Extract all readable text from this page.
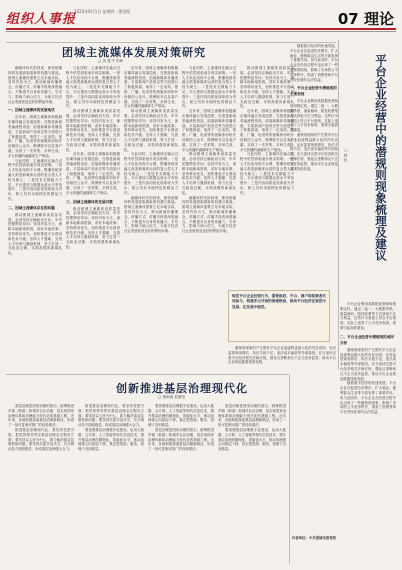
组织人事报
2023年6月1日 星期四 · 理论版	07 理论
团城主流媒体发展对策研究
□ 刘 强 牛冬梅

融媒体时代的到来，使传统媒体的发展面临着新的机遇与挑战。团城主流媒体需要立足本地实际，坚持内容为王，推动新闻传播理念、传播方式、传播手段的深度融合，不断提升自身的传播力、引导力、影响力和公信力，为地方经济社会发展营造良好的舆论环境。

一、团城主流媒体的发展现状

近年来，团城主流媒体积极顺应媒体融合发展趋势，在推进新闻采编流程再造、拓展新媒体传播渠道、丰富新闻产品形态等方面进行了积极探索，取得了一定成效。报纸、广播、电视等传统媒体纷纷开设微信公众号、微博账号以及客户端，实现了一次采集、多种生成、多元传播的融媒体生产格局。

与此同时，主流媒体在融合过程中依然面临诸多现实困难。一是人才队伍结构不合理，既懂传统采编又熟悉新媒体运营的复合型人才较为缺乏；二是技术支撑能力不足，平台建设与数据运营水平有待提升；三是内容同质化现象较为突出，缺乏具有本地特色的精品力作。

二、团城主流媒体存在的问题

推动团城主流媒体高质量发展，必须坚持正确政治方向，牢牢把握舆论导向；坚持内容为王，深耕本地新闻资源，讲好本地故事；坚持移动优先，加快推进平台建设和技术升级；坚持人才强媒，完善人才培养与激励机制，努力打造一支政治过硬、本领高强的新闻队伍。

与此同时，主流媒体在融合过程中依然面临诸多现实困难。一是人才队伍结构不合理，既懂传统采编又熟悉新媒体运营的复合型人才较为缺乏；二是技术支撑能力不足，平台建设与数据运营水平有待提升；三是内容同质化现象较为突出，缺乏具有本地特色的精品力作。

推动团城主流媒体高质量发展，必须坚持正确政治方向，牢牢把握舆论导向；坚持内容为王，深耕本地新闻资源，讲好本地故事；坚持移动优先，加快推进平台建设和技术升级；坚持人才强媒，完善人才培养与激励机制，努力打造一支政治过硬、本领高强的新闻队伍。

近年来，团城主流媒体积极顺应媒体融合发展趋势，在推进新闻采编流程再造、拓展新媒体传播渠道、丰富新闻产品形态等方面进行了积极探索，取得了一定成效。报纸、广播、电视等传统媒体纷纷开设微信公众号、微博账号以及客户端，实现了一次采集、多种生成、多元传播的融媒体生产格局。

三、团城主流媒体的发展对策

推动团城主流媒体高质量发展，必须坚持正确政治方向，牢牢把握舆论导向；坚持内容为王，深耕本地新闻资源，讲好本地故事；坚持移动优先，加快推进平台建设和技术升级；坚持人才强媒，完善人才培养与激励机制，努力打造一支政治过硬、本领高强的新闻队伍。

近年来，团城主流媒体积极顺应媒体融合发展趋势，在推进新闻采编流程再造、拓展新媒体传播渠道、丰富新闻产品形态等方面进行了积极探索，取得了一定成效。报纸、广播、电视等传统媒体纷纷开设微信公众号、微博账号以及客户端，实现了一次采集、多种生成、多元传播的融媒体生产格局。

推动团城主流媒体高质量发展，必须坚持正确政治方向，牢牢把握舆论导向；坚持内容为王，深耕本地新闻资源，讲好本地故事；坚持移动优先，加快推进平台建设和技术升级；坚持人才强媒，完善人才培养与激励机制，努力打造一支政治过硬、本领高强的新闻队伍。

与此同时，主流媒体在融合过程中依然面临诸多现实困难。一是人才队伍结构不合理，既懂传统采编又熟悉新媒体运营的复合型人才较为缺乏；二是技术支撑能力不足，平台建设与数据运营水平有待提升；三是内容同质化现象较为突出，缺乏具有本地特色的精品力作。

融媒体时代的到来，使传统媒体的发展面临着新的机遇与挑战。团城主流媒体需要立足本地实际，坚持内容为王，推动新闻传播理念、传播方式、传播手段的深度融合，不断提升自身的传播力、引导力、影响力和公信力，为地方经济社会发展营造良好的舆论环境。

与此同时，主流媒体在融合过程中依然面临诸多现实困难。一是人才队伍结构不合理，既懂传统采编又熟悉新媒体运营的复合型人才较为缺乏；二是技术支撑能力不足，平台建设与数据运营水平有待提升；三是内容同质化现象较为突出，缺乏具有本地特色的精品力作。

近年来，团城主流媒体积极顺应媒体融合发展趋势，在推进新闻采编流程再造、拓展新媒体传播渠道、丰富新闻产品形态等方面进行了积极探索，取得了一定成效。报纸、广播、电视等传统媒体纷纷开设微信公众号、微博账号以及客户端，实现了一次采集、多种生成、多元传播的融媒体生产格局。

推动团城主流媒体高质量发展，必须坚持正确政治方向，牢牢把握舆论导向；坚持内容为王，深耕本地新闻资源，讲好本地故事；坚持移动优先，加快推进平台建设和技术升级；坚持人才强媒，完善人才培养与激励机制，努力打造一支政治过硬、本领高强的新闻队伍。

融媒体时代的到来，使传统媒体的发展面临着新的机遇与挑战。团城主流媒体需要立足本地实际，坚持内容为王，推动新闻传播理念、传播方式、传播手段的深度融合，不断提升自身的传播力、引导力、影响力和公信力，为地方经济社会发展营造良好的舆论环境。

推动团城主流媒体高质量发展，必须坚持正确政治方向，牢牢把握舆论导向；坚持内容为王，深耕本地新闻资源，讲好本地故事；坚持移动优先，加快推进平台建设和技术升级；坚持人才强媒，完善人才培养与激励机制，努力打造一支政治过硬、本领高强的新闻队伍。

近年来，团城主流媒体积极顺应媒体融合发展趋势，在推进新闻采编流程再造、拓展新媒体传播渠道、丰富新闻产品形态等方面进行了积极探索，取得了一定成效。报纸、广播、电视等传统媒体纷纷开设微信公众号、微博账号以及客户端，实现了一次采集、多种生成、多元传播的融媒体生产格局。

与此同时，主流媒体在融合过程中依然面临诸多现实困难。一是人才队伍结构不合理，既懂传统采编又熟悉新媒体运营的复合型人才较为缺乏；二是技术支撑能力不足，平台建设与数据运营水平有待提升；三是内容同质化现象较为突出，缺乏具有本地特色的精品力作。

随着数字经济的快速发展，平台企业在促进经济增长、扩大就业、便利群众生活等方面发挥了重要作用。但与此同时，平台企业在经营过程中也出现了一些潜规则现象，影响了市场的公平竞争秩序，损害了消费者和平台内经营者的合法权益。

一、平台企业经营中潜规则的主要表现

平台企业利用其数据优势和规则制定权，通过二选一、大数据杀熟、流量倾斜、隐性收费等方式获取不正当利益，这些行为表面上符合平台规则，实际上违背了公平竞争原则，需要引起高度重视。

潜规则现象的产生既有平台企业追逐利益最大化的内在动因，也有监管规则滞后、执法手段不足、违法成本偏低等外部原因。应当加快完善平台经济相关法律法规，强化反垄断和反不正当竞争监管，推动平台企业规范健康持续发展。	平台企业经营中的潜规则现象梳理及建议
□ 杨 仪

平台企业利用其数据优势和规则制定权，通过二选一、大数据杀熟、流量倾斜、隐性收费等方式获取不正当利益，这些行为表面上符合平台规则，实际上违背了公平竞争原则，需要引起高度重视。

二、平台企业经营中潜规则的成因分析

潜规则现象的产生既有平台企业追逐利益最大化的内在动因，也有监管规则滞后、执法手段不足、违法成本偏低等外部原因。应当加快完善平台经济相关法律法规，强化反垄断和反不正当竞争监管，推动平台企业规范健康持续发展。

随着数字经济的快速发展，平台企业在促进经济增长、扩大就业、便利群众生活等方面发挥了重要作用。但与此同时，平台企业在经营过程中也出现了一些潜规则现象，影响了市场的公平竞争秩序，损害了消费者和平台内经营者的合法权益。

规范平台企业经营行为，需要政府、平台、商户和消费者共同参与，构建多元共治的治理格局，推动平台经济在规范中发展、在发展中规范。

潜规则现象的产生既有平台企业追逐利益最大化的内在动因，也有监管规则滞后、执法手段不足、违法成本偏低等外部原因。应当加快完善平台经济相关法律法规，强化反垄断和反不正当竞争监管，推动平台企业规范健康持续发展。

创新推进基层治理现代化
□ 杨雨雨 赵晓莹

基层治理是国家治理的基石，统筹推进乡镇（街道）和城乡社区治理，是实现国家治理体系和治理能力现代化的基础工程。近年来，各地积极探索基层治理新路径，形成了一批可复制可推广的经验做法。

推进基层治理现代化，要坚持党建引领，把党的领导贯穿基层治理全过程各方面；要坚持以人民为中心，着力解决群众急难愁盼问题；要坚持共建共治共享，充分调动各方面积极性，形成基层治理强大合力。

推进基层治理现代化，要坚持党建引领，把党的领导贯穿基层治理全过程各方面；要坚持以人民为中心，着力解决群众急难愁盼问题；要坚持共建共治共享，充分调动各方面积极性，形成基层治理强大合力。

要加强基层治理数字化建设，运用大数据、云计算、人工智能等现代信息技术，提升基层治理的精细化、智能化水平，推动治理重心向基层下移，真正把资源、服务、管理下沉到基层。

要加强基层治理数字化建设，运用大数据、云计算、人工智能等现代信息技术，提升基层治理的精细化、智能化水平，推动治理重心向基层下移，真正把资源、服务、管理下沉到基层。

基层治理是国家治理的基石，统筹推进乡镇（街道）和城乡社区治理，是实现国家治理体系和治理能力现代化的基础工程。近年来，各地积极探索基层治理新路径，形成了一批可复制可推广的经验做法。

基层治理是国家治理的基石，统筹推进乡镇（街道）和城乡社区治理，是实现国家治理体系和治理能力现代化的基础工程。近年来，各地积极探索基层治理新路径，形成了一批可复制可推广的经验做法。

要加强基层治理数字化建设，运用大数据、云计算、人工智能等现代信息技术，提升基层治理的精细化、智能化水平，推动治理重心向基层下移，真正把资源、服务、管理下沉到基层。

作者单位：中共团城市委党校
